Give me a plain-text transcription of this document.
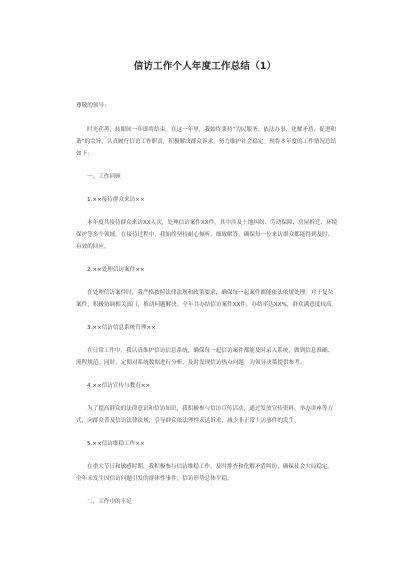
信访工作个人年度工作总结（1）

尊敬的领导：

时光荏苒，转眼间一年即将结束。在这一年里，我始终秉持“为民服务、依法办事、化解矛盾、促进和谐”的宗旨，认真履行信访工作职责，积极解决群众诉求，努力维护社会稳定。现将本年度的工作情况总结如下：

一、工作回顾

1.××接待群众来访××

本年度共接待群众来访XX人次，处理信访案件XX件，其中涉及土地纠纷、劳动保障、房屋拆迁、环境保护等多个领域。在接待过程中，我始终坚持耐心倾听、细致解答，确保每一位来访群众都能得到及时、有效的回应。

2.××处理信访案件××

在处理信访案件时，我严格按照法律法规和政策要求，确保每一起案件都能依法依规处理。对于复杂案件，积极协调相关部门，推动问题解决。全年共办结信访案件XX件，办结率达XX%，群众满意度较高。

3.××信访信息系统管理××

在日常工作中，我认真维护信访信息系统，确保每一起信访案件都能及时录入系统，做到信息准确、流程规范。同时，定期对系统数据进行分析，及时发现信访热点问题，为领导决策提供参考。

4.××信访宣传与教育××

为了提高群众的法律意识和信访知识，我积极参与信访宣传活动，通过发放宣传资料、举办讲座等方式，向群众普及信访法律法规，引导群众依法理性表达诉求，减少非正常上访事件的发生。

5.××信访维稳工作××

在重大节日和敏感时期，我积极参与信访维稳工作，及时排查和化解矛盾纠纷，确保社会大局稳定。全年未发生因信访问题引发的群体性事件，信访形势总体平稳。

二、工作中的不足
